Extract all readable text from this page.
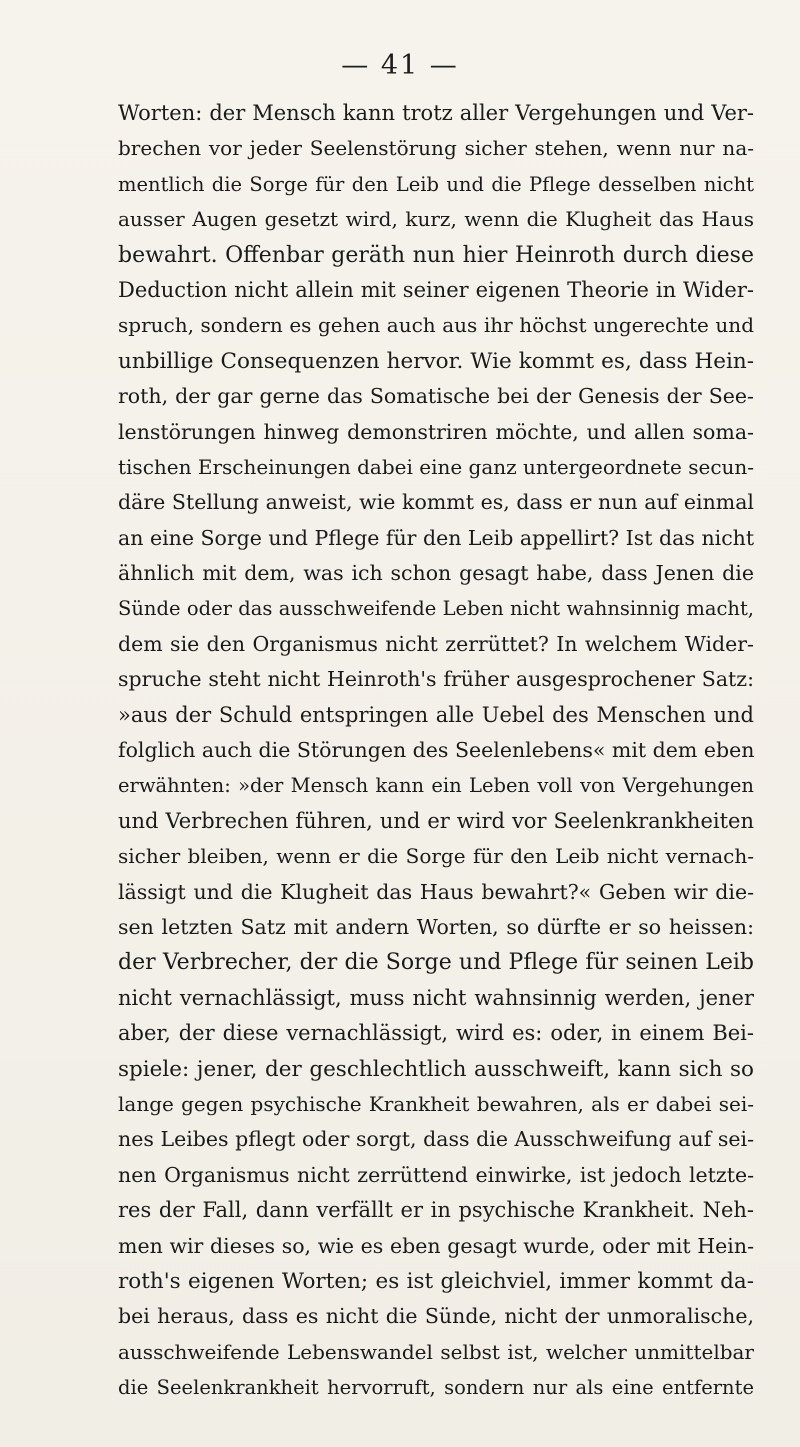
— 41 —
Worten: der Mensch kann trotz aller Vergehungen und Ver-
brechen vor jeder Seelenstörung sicher stehen, wenn nur na-
mentlich die Sorge für den Leib und die Pflege desselben nicht
ausser Augen gesetzt wird, kurz, wenn die Klugheit das Haus
bewahrt. Offenbar geräth nun hier Heinroth durch diese
Deduction nicht allein mit seiner eigenen Theorie in Wider-
spruch, sondern es gehen auch aus ihr höchst ungerechte und
unbillige Consequenzen hervor. Wie kommt es, dass Hein-
roth, der gar gerne das Somatische bei der Genesis der See-
lenstörungen hinweg demonstriren möchte, und allen soma-
tischen Erscheinungen dabei eine ganz untergeordnete secun-
däre Stellung anweist, wie kommt es, dass er nun auf einmal
an eine Sorge und Pflege für den Leib appellirt? Ist das nicht
ähnlich mit dem, was ich schon gesagt habe, dass Jenen die
Sünde oder das ausschweifende Leben nicht wahnsinnig macht,
dem sie den Organismus nicht zerrüttet? In welchem Wider-
spruche steht nicht Heinroth's früher ausgesprochener Satz:
»aus der Schuld entspringen alle Uebel des Menschen und
folglich auch die Störungen des Seelenlebens« mit dem eben
erwähnten: »der Mensch kann ein Leben voll von Vergehungen
und Verbrechen führen, und er wird vor Seelenkrankheiten
sicher bleiben, wenn er die Sorge für den Leib nicht vernach-
lässigt und die Klugheit das Haus bewahrt?« Geben wir die-
sen letzten Satz mit andern Worten, so dürfte er so heissen:
der Verbrecher, der die Sorge und Pflege für seinen Leib
nicht vernachlässigt, muss nicht wahnsinnig werden, jener
aber, der diese vernachlässigt, wird es: oder, in einem Bei-
spiele: jener, der geschlechtlich ausschweift, kann sich so
lange gegen psychische Krankheit bewahren, als er dabei sei-
nes Leibes pflegt oder sorgt, dass die Ausschweifung auf sei-
nen Organismus nicht zerrüttend einwirke, ist jedoch letzte-
res der Fall, dann verfällt er in psychische Krankheit. Neh-
men wir dieses so, wie es eben gesagt wurde, oder mit Hein-
roth's eigenen Worten; es ist gleichviel, immer kommt da-
bei heraus, dass es nicht die Sünde, nicht der unmoralische,
ausschweifende Lebenswandel selbst ist, welcher unmittelbar
die Seelenkrankheit hervorruft, sondern nur als eine entfernte
